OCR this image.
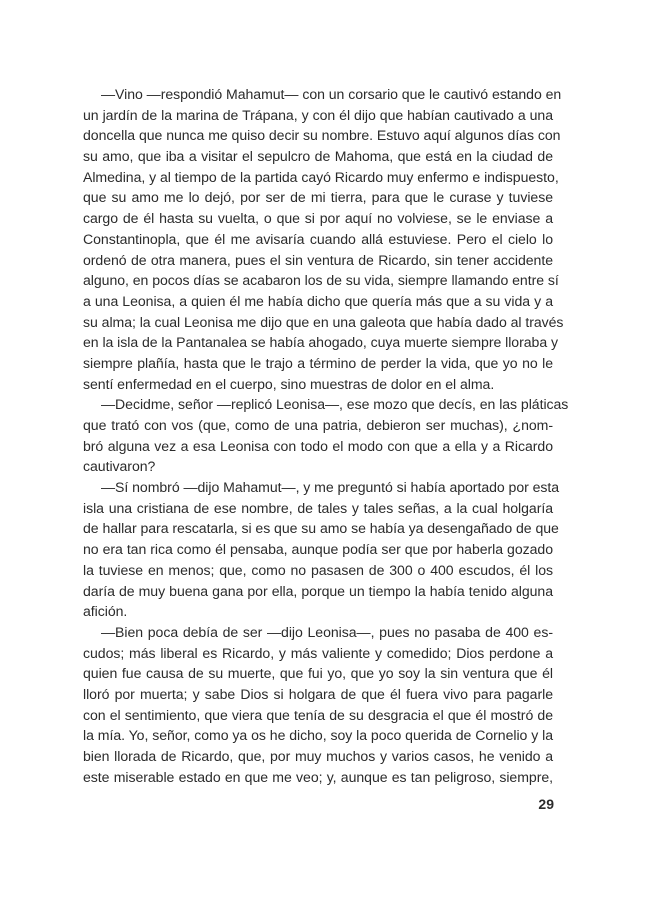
—Vino —respondió Mahamut— con un corsario que le cautivó estando en
un jardín de la marina de Trápana, y con él dijo que habían cautivado a una
doncella que nunca me quiso decir su nombre. Estuvo aquí algunos días con
su amo, que iba a visitar el sepulcro de Mahoma, que está en la ciudad de
Almedina, y al tiempo de la partida cayó Ricardo muy enfermo e indispuesto,
que su amo me lo dejó, por ser de mi tierra, para que le curase y tuviese
cargo de él hasta su vuelta, o que si por aquí no volviese, se le enviase a
Constantinopla, que él me avisaría cuando allá estuviese. Pero el cielo lo
ordenó de otra manera, pues el sin ventura de Ricardo, sin tener accidente
alguno, en pocos días se acabaron los de su vida, siempre llamando entre sí
a una Leonisa, a quien él me había dicho que quería más que a su vida y a
su alma; la cual Leonisa me dijo que en una galeota que había dado al través
en la isla de la Pantanalea se había ahogado, cuya muerte siempre lloraba y
siempre plañía, hasta que le trajo a término de perder la vida, que yo no le
sentí enfermedad en el cuerpo, sino muestras de dolor en el alma.
—Decidme, señor —replicó Leonisa—, ese mozo que decís, en las pláticas
que trató con vos (que, como de una patria, debieron ser muchas), ¿nom-
bró alguna vez a esa Leonisa con todo el modo con que a ella y a Ricardo
cautivaron?
—Sí nombró —dijo Mahamut—, y me preguntó si había aportado por esta
isla una cristiana de ese nombre, de tales y tales señas, a la cual holgaría
de hallar para rescatarla, si es que su amo se había ya desengañado de que
no era tan rica como él pensaba, aunque podía ser que por haberla gozado
la tuviese en menos; que, como no pasasen de 300 o 400 escudos, él los
daría de muy buena gana por ella, porque un tiempo la había tenido alguna
afición.
—Bien poca debía de ser —dijo Leonisa—, pues no pasaba de 400 es-
cudos; más liberal es Ricardo, y más valiente y comedido; Dios perdone a
quien fue causa de su muerte, que fui yo, que yo soy la sin ventura que él
lloró por muerta; y sabe Dios si holgara de que él fuera vivo para pagarle
con el sentimiento, que viera que tenía de su desgracia el que él mostró de
la mía. Yo, señor, como ya os he dicho, soy la poco querida de Cornelio y la
bien llorada de Ricardo, que, por muy muchos y varios casos, he venido a
este miserable estado en que me veo; y, aunque es tan peligroso, siempre,
29
